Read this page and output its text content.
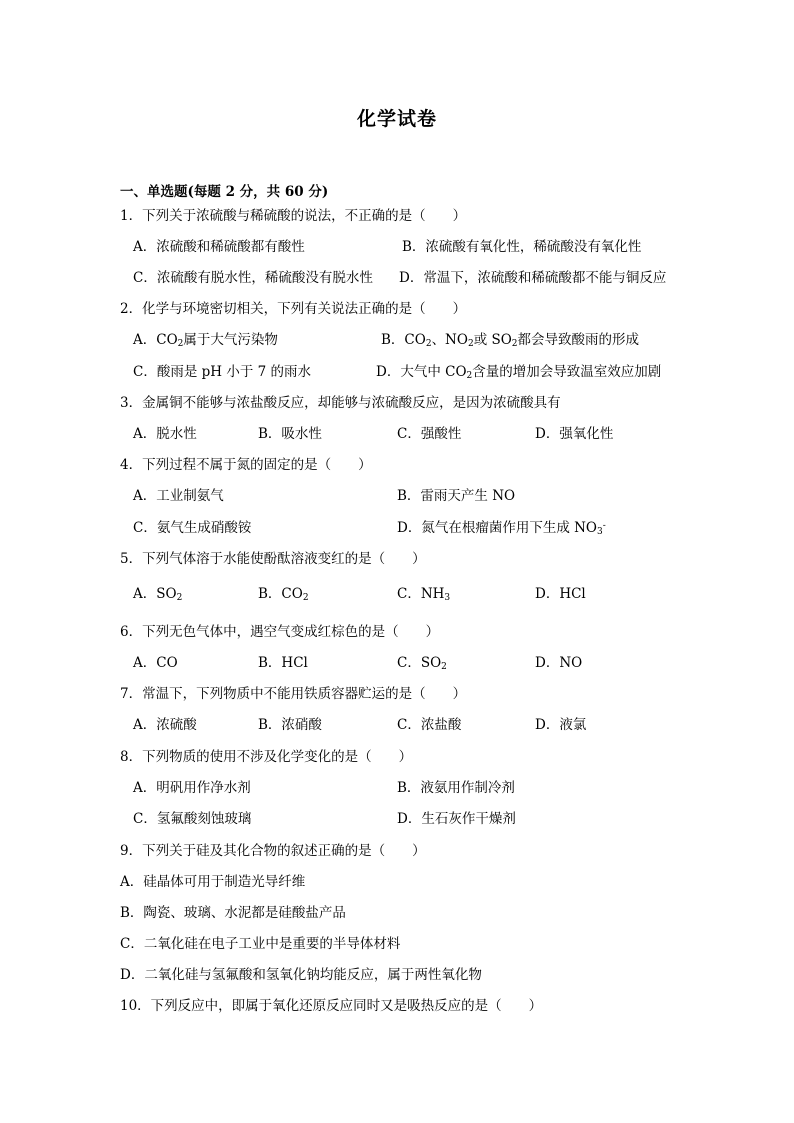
化学试卷
一、单选题(每题 2 分，共 60 分)
1．下列关于浓硫酸与稀硫酸的说法，不正确的是（　　）
A．浓硫酸和稀硫酸都有酸性	B．浓硫酸有氧化性，稀硫酸没有氧化性
C．浓硫酸有脱水性，稀硫酸没有脱水性 D．常温下，浓硫酸和稀硫酸都不能与铜反应
2．化学与环境密切相关，下列有关说法正确的是（　　）
A．$CO_2$属于大气污染物	B．$CO_2$、$NO_2$或 $SO_2$都会导致酸雨的形成
C．酸雨是 pH 小于 7 的雨水	D．大气中 $CO_2$含量的增加会导致温室效应加剧
3．金属铜不能够与浓盐酸反应，却能够与浓硫酸反应，是因为浓硫酸具有
A．脱水性	B．吸水性	C．强酸性	D．强氧化性
4．下列过程不属于氮的固定的是（　　）
A．工业制氨气	B．雷雨天产生 NO
C．氨气生成硝酸铵	D．氮气在根瘤菌作用下生成 $NO_3^-$
5．下列气体溶于水能使酚酞溶液变红的是（　　）
A．$SO_2$	B．$CO_2$	C．$NH_3$	D．HCl
6．下列无色气体中，遇空气变成红棕色的是（　　）
A．CO	B．HCl	C．$SO_2$	D．NO
7．常温下，下列物质中不能用铁质容器贮运的是（　　）
A．浓硫酸	B．浓硝酸	C．浓盐酸	D．液氯
8．下列物质的使用不涉及化学变化的是（　　）
A．明矾用作净水剂	B．液氨用作制冷剂
C．氢氟酸刻蚀玻璃	D．生石灰作干燥剂
9．下列关于硅及其化合物的叙述正确的是（　　）
A．硅晶体可用于制造光导纤维
B．陶瓷、玻璃、水泥都是硅酸盐产品
C．二氧化硅在电子工业中是重要的半导体材料
D．二氧化硅与氢氟酸和氢氧化钠均能反应，属于两性氧化物
10．下列反应中，即属于氧化还原反应同时又是吸热反应的是（　　）
